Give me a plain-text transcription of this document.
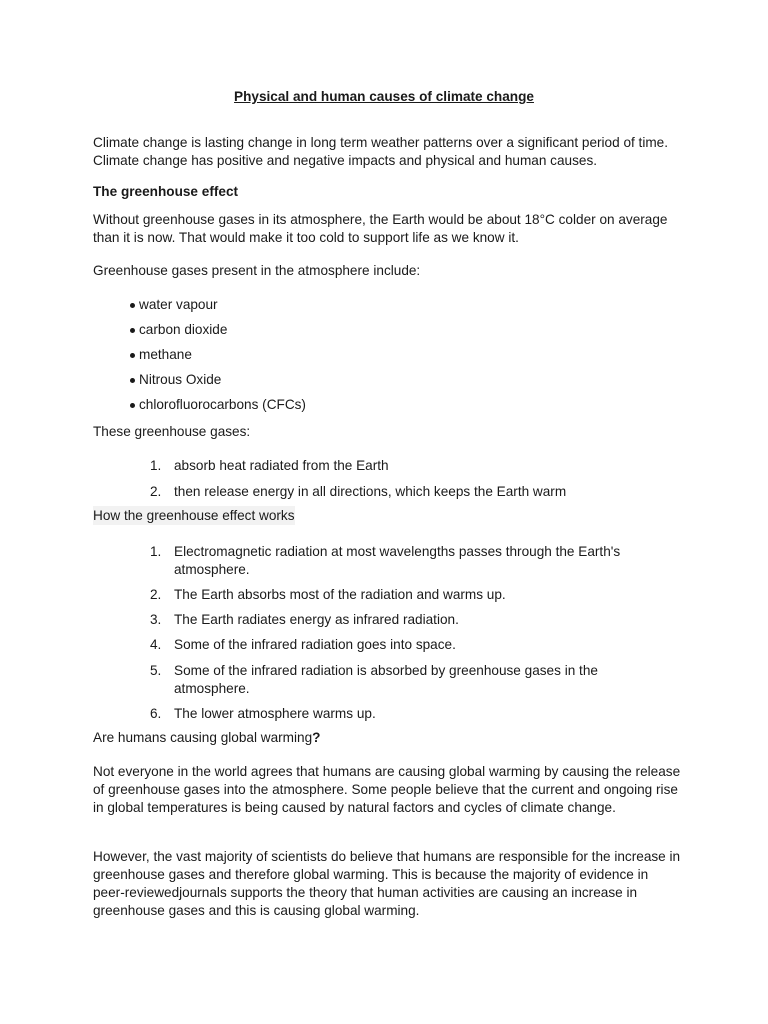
Physical and human causes of climate change

Climate change is lasting change in long term weather patterns over a significant period of time. Climate change has positive and negative impacts and physical and human causes.

The greenhouse effect

Without greenhouse gases in its atmosphere, the Earth would be about 18°C colder on average than it is now. That would make it too cold to support life as we know it.

Greenhouse gases present in the atmosphere include:

water vapour
carbon dioxide
methane
Nitrous Oxide
chlorofluorocarbons (CFCs)

These greenhouse gases:

1. absorb heat radiated from the Earth
2. then release energy in all directions, which keeps the Earth warm

How the greenhouse effect works

1. Electromagnetic radiation at most wavelengths passes through the Earth's atmosphere.
2. The Earth absorbs most of the radiation and warms up.
3. The Earth radiates energy as infrared radiation.
4. Some of the infrared radiation goes into space.
5. Some of the infrared radiation is absorbed by greenhouse gases in the atmosphere.
6. The lower atmosphere warms up.

Are humans causing global warming?

Not everyone in the world agrees that humans are causing global warming by causing the release of greenhouse gases into the atmosphere. Some people believe that the current and ongoing rise in global temperatures is being caused by natural factors and cycles of climate change.

However, the vast majority of scientists do believe that humans are responsible for the increase in greenhouse gases and therefore global warming. This is because the majority of evidence in peer-reviewedjournals supports the theory that human activities are causing an increase in greenhouse gases and this is causing global warming.
